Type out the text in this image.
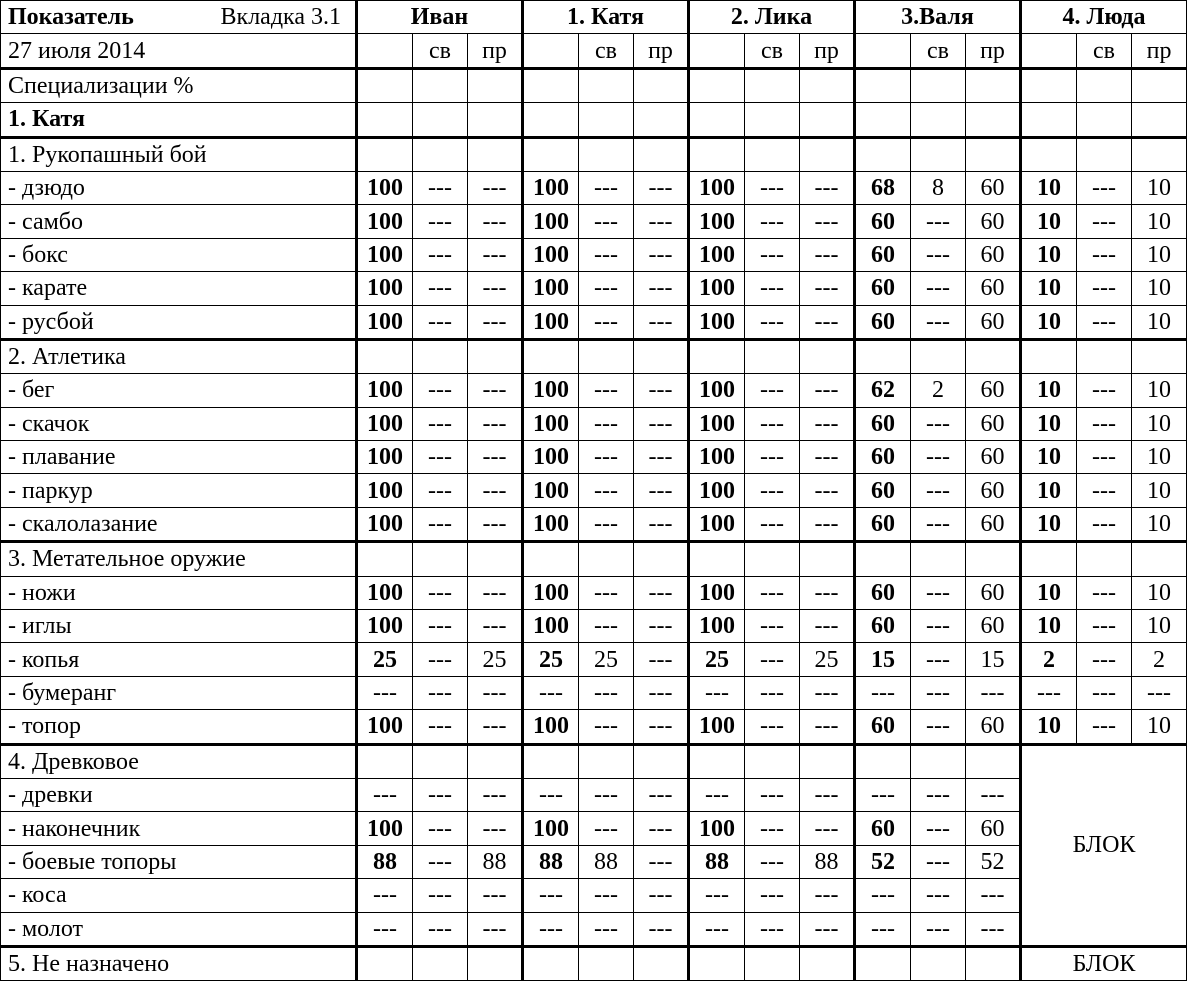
Показатель Вкладка 3.1	Иван			1. Катя			2. Лика			3.Валя			4. Люда		
27 июля 2014		св	пр		св	пр		св	пр		св	пр		св	пр
Специализации %															
1. Катя															
1. Рукопашный бой															
- дзюдо	100	---	---	100	---	---	100	---	---	68	8	60	10	---	10
- самбо	100	---	---	100	---	---	100	---	---	60	---	60	10	---	10
- бокс	100	---	---	100	---	---	100	---	---	60	---	60	10	---	10
- карате	100	---	---	100	---	---	100	---	---	60	---	60	10	---	10
- русбой	100	---	---	100	---	---	100	---	---	60	---	60	10	---	10
2. Атлетика															
- бег	100	---	---	100	---	---	100	---	---	62	2	60	10	---	10
- скачок	100	---	---	100	---	---	100	---	---	60	---	60	10	---	10
- плавание	100	---	---	100	---	---	100	---	---	60	---	60	10	---	10
- паркур	100	---	---	100	---	---	100	---	---	60	---	60	10	---	10
- скалолазание	100	---	---	100	---	---	100	---	---	60	---	60	10	---	10
3. Метательное оружие															
- ножи	100	---	---	100	---	---	100	---	---	60	---	60	10	---	10
- иглы	100	---	---	100	---	---	100	---	---	60	---	60	10	---	10
- копья	25	---	25	25	25	---	25	---	25	15	---	15	2	---	2
- бумеранг	---	---	---	---	---	---	---	---	---	---	---	---	---	---	---
- топор	100	---	---	100	---	---	100	---	---	60	---	60	10	---	10
4. Древковое													БЛОК		
- древки	---	---	---	---	---	---	---	---	---	---	---	---			
- наконечник	100	---	---	100	---	---	100	---	---	60	---	60			
- боевые топоры	88	---	88	88	88	---	88	---	88	52	---	52			
- коса	---	---	---	---	---	---	---	---	---	---	---	---			
- молот	---	---	---	---	---	---	---	---	---	---	---	---			
5. Не назначено													БЛОК		
